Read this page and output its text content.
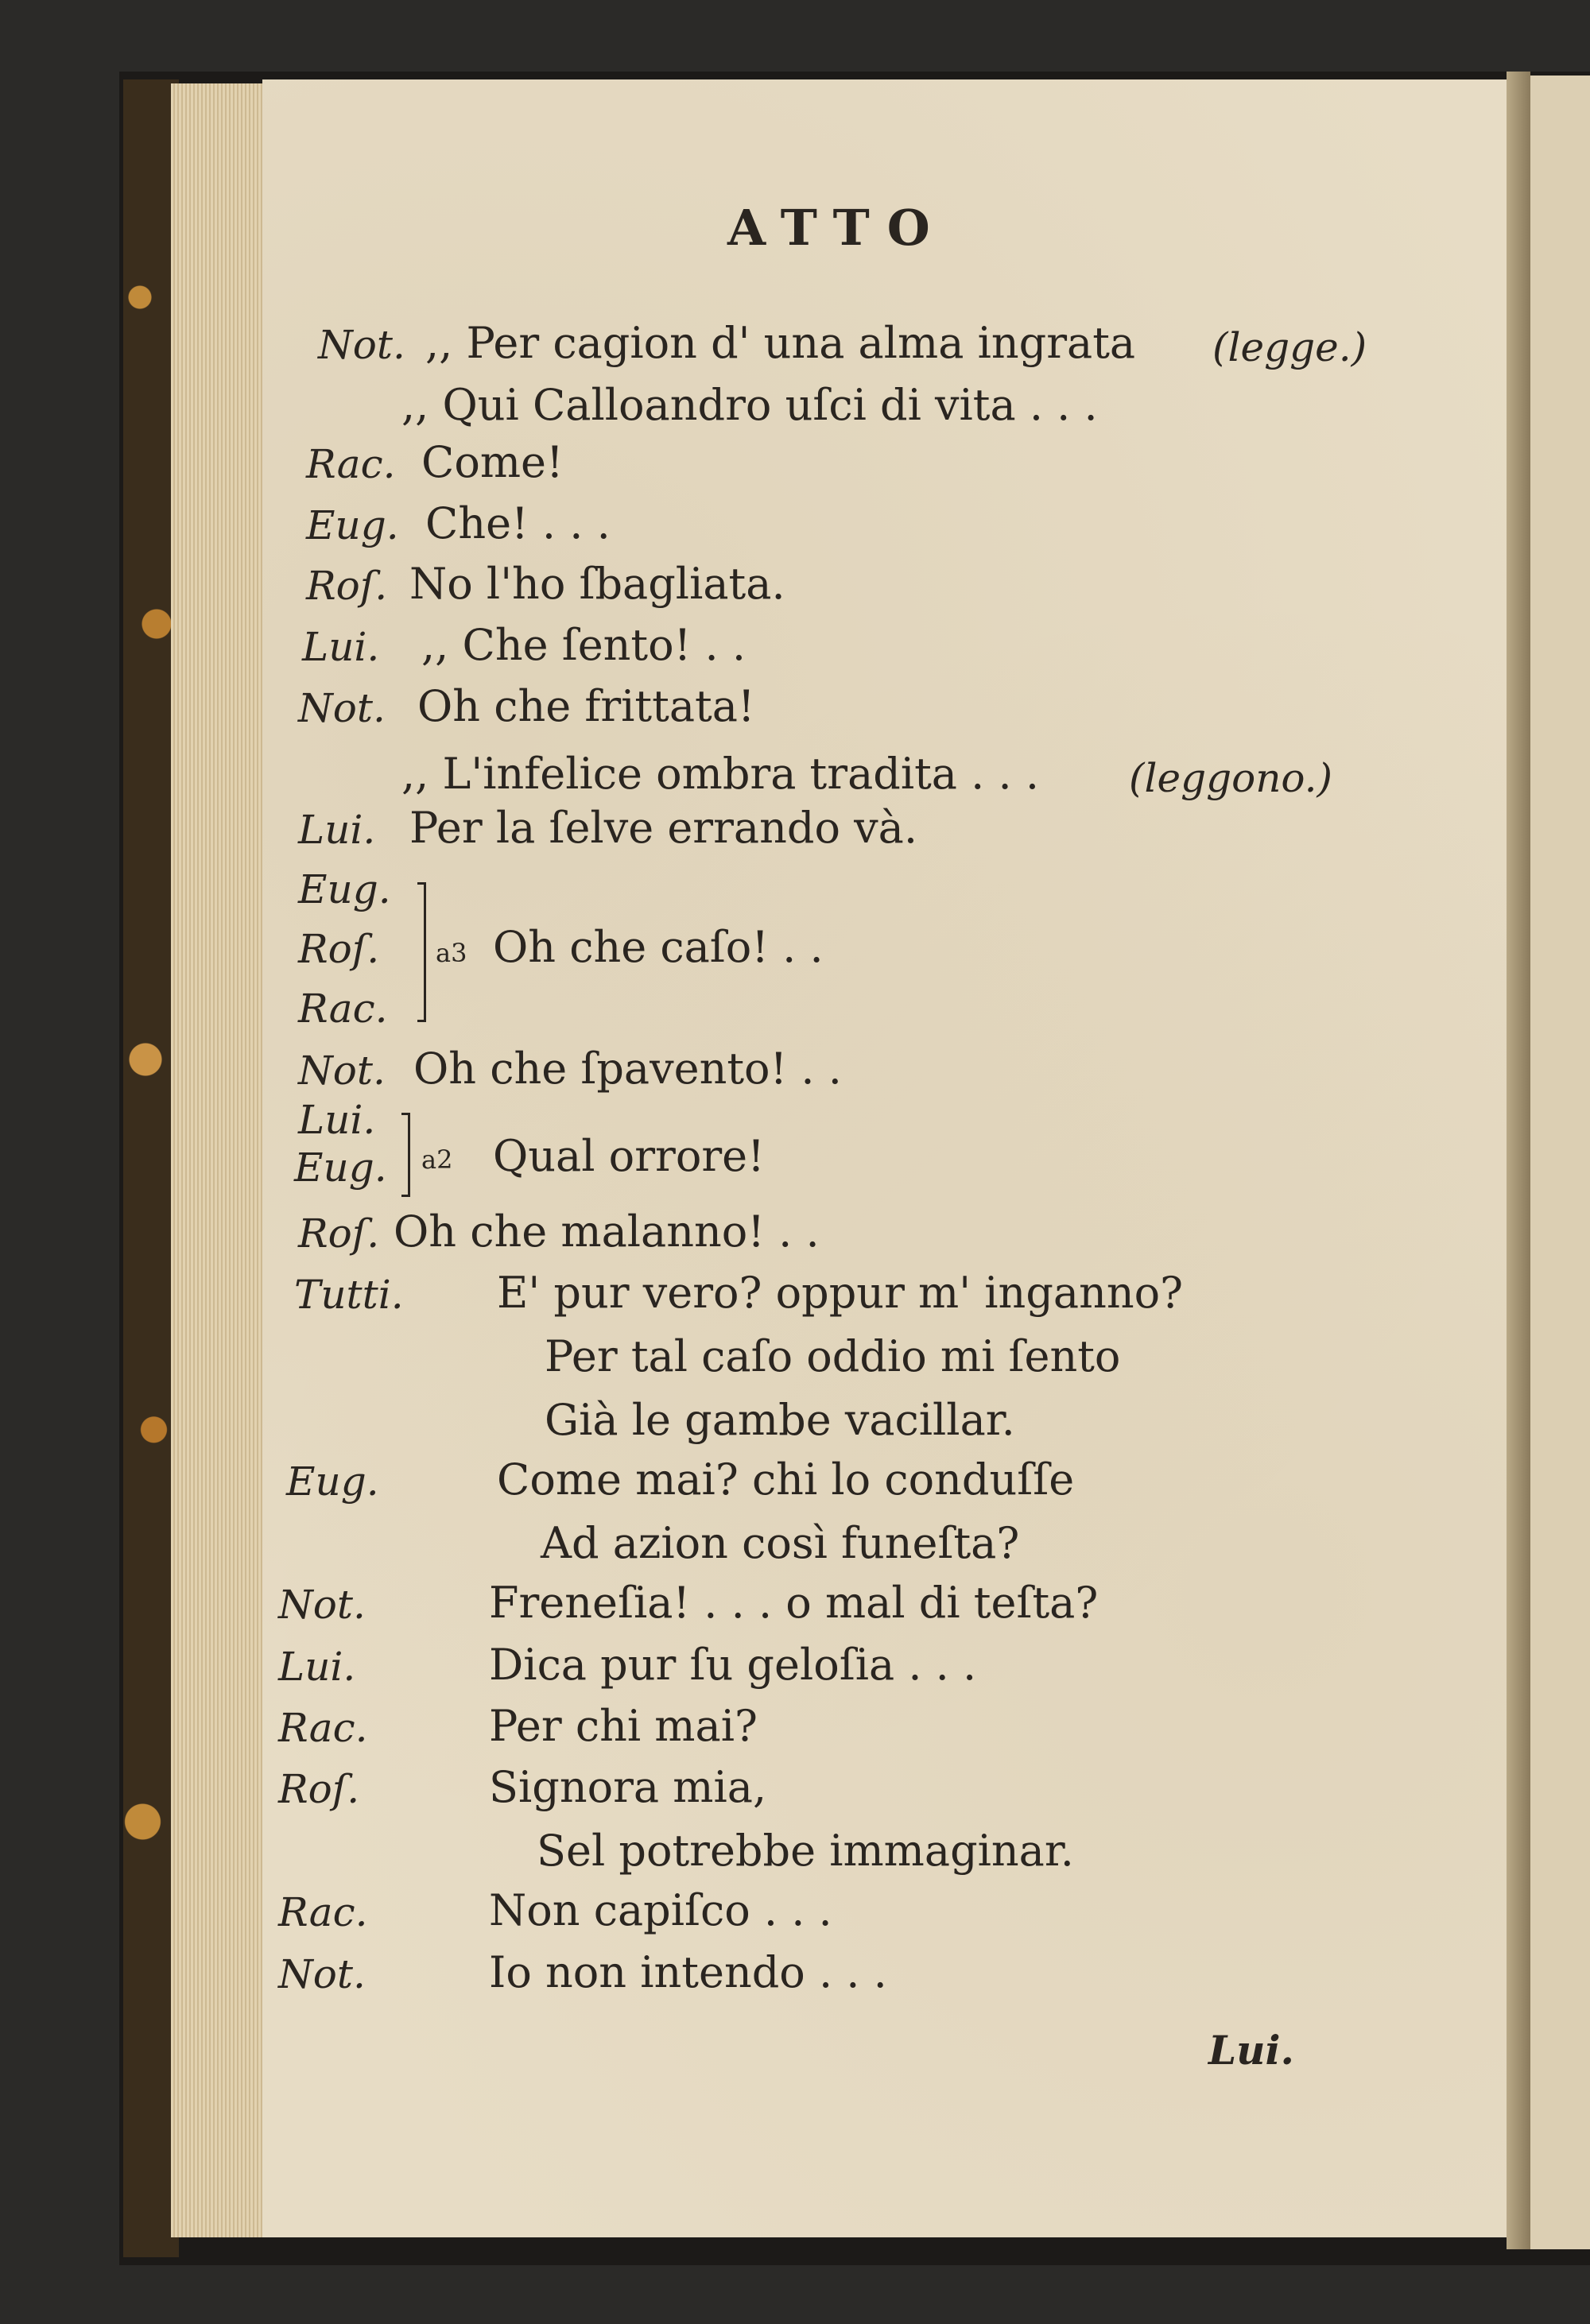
ATTO
Not. ,, Per cagion d' una alma ingrata (legge.)
,, Qui Calloandro uſci di vita . . .
Rac. Come!
Eug. Che! . . .
Roſ. No l'ho ſbagliata.
Lui. ,, Che ſento! . .
Not. Oh che frittata!
,, L'infelice ombra tradita . . . (leggono.)
Lui. Per la ſelve errando và.
Eug.
Roſ.
Rac.
a3 Oh che caſo! . .
Not. Oh che ſpavento! . .
Lui.
Eug. a2 Qual orrore!
Roſ. Oh che malanno! . .
Tutti. E' pur vero? oppur m' inganno?
Per tal caſo oddio mi ſento
Già le gambe vacillar.
Eug.	Come mai? chi lo conduſſe
Ad azion così funeſta?
Not.	Freneſia! . . . o mal di teſta?
Lui.	Dica pur ſu geloſia . . .
Rac.	Per chi mai?
Roſ.	Signora mia,
Sel potrebbe immaginar.
Rac.	Non capiſco . . .
Not.	Io non intendo . . .
Lui.
